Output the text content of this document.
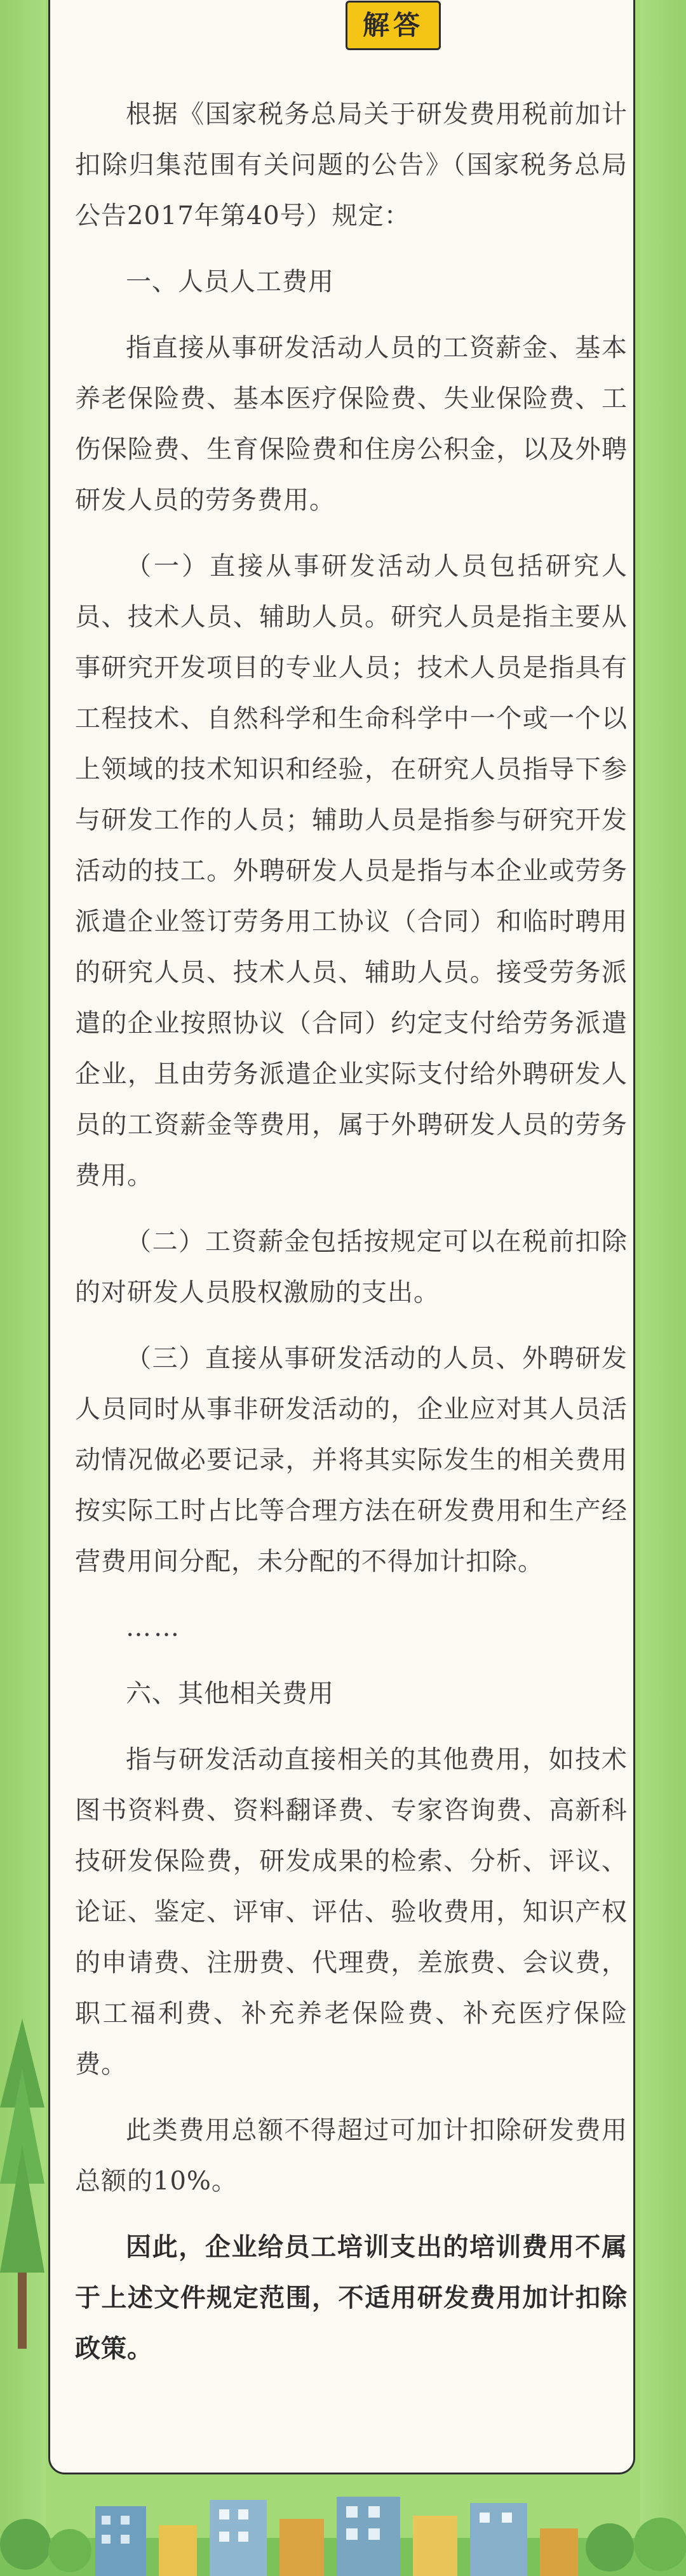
解答

根据《国家税务总局关于研发费用税前加计扣除归集范围有关问题的公告》（国家税务总局公告2017年第40号）规定：

一、人员人工费用

指直接从事研发活动人员的工资薪金、基本养老保险费、基本医疗保险费、失业保险费、工伤保险费、生育保险费和住房公积金，以及外聘研发人员的劳务费用。

（一）直接从事研发活动人员包括研究人员、技术人员、辅助人员。研究人员是指主要从事研究开发项目的专业人员；技术人员是指具有工程技术、自然科学和生命科学中一个或一个以上领域的技术知识和经验，在研究人员指导下参与研发工作的人员；辅助人员是指参与研究开发活动的技工。外聘研发人员是指与本企业或劳务派遣企业签订劳务用工协议（合同）和临时聘用的研究人员、技术人员、辅助人员。接受劳务派遣的企业按照协议（合同）约定支付给劳务派遣企业，且由劳务派遣企业实际支付给外聘研发人员的工资薪金等费用，属于外聘研发人员的劳务费用。

（二）工资薪金包括按规定可以在税前扣除的对研发人员股权激励的支出。

（三）直接从事研发活动的人员、外聘研发人员同时从事非研发活动的，企业应对其人员活动情况做必要记录，并将其实际发生的相关费用按实际工时占比等合理方法在研发费用和生产经营费用间分配，未分配的不得加计扣除。

……

六、其他相关费用

指与研发活动直接相关的其他费用，如技术图书资料费、资料翻译费、专家咨询费、高新科技研发保险费，研发成果的检索、分析、评议、论证、鉴定、评审、评估、验收费用，知识产权的申请费、注册费、代理费，差旅费、会议费，职工福利费、补充养老保险费、补充医疗保险费。

此类费用总额不得超过可加计扣除研发费用总额的10%。

因此，企业给员工培训支出的培训费用不属于上述文件规定范围，不适用研发费用加计扣除政策。
